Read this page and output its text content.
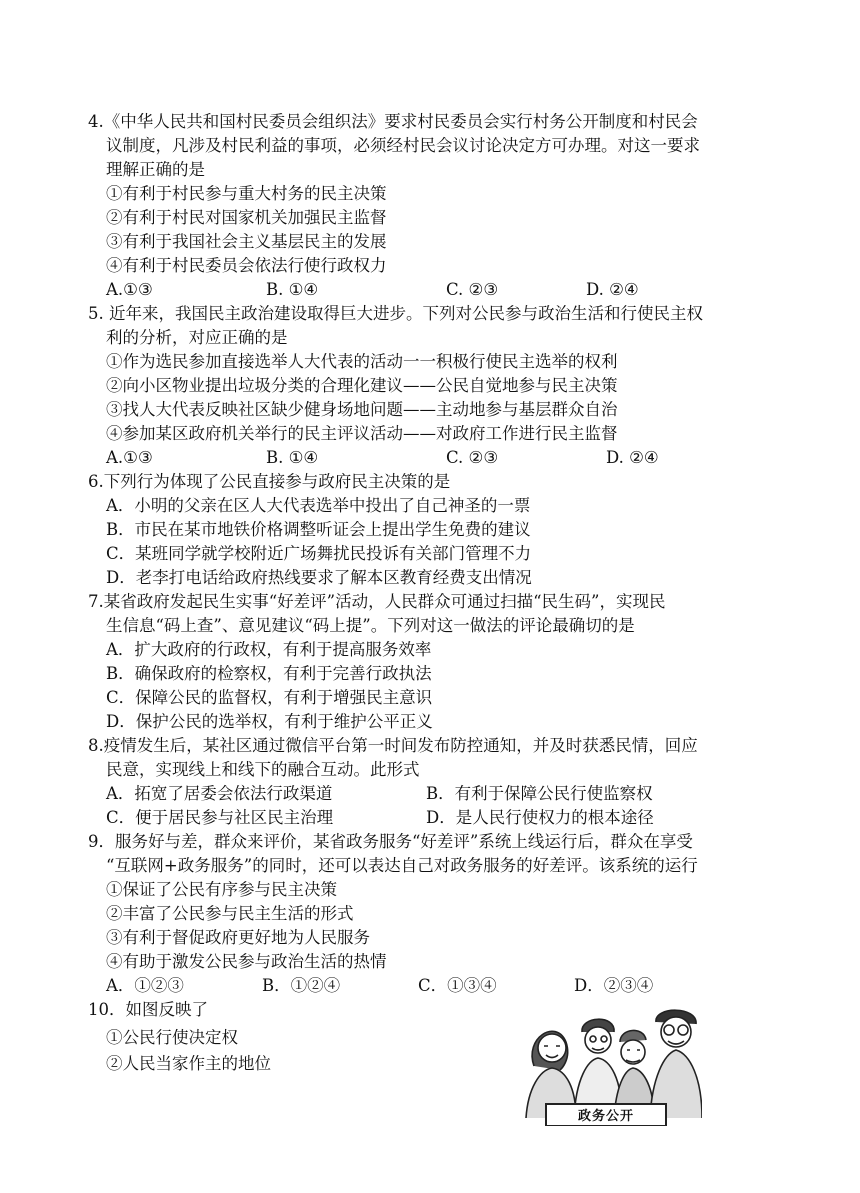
4.《中华人民共和国村民委员会组织法》要求村民委员会实行村务公开制度和村民会
议制度，凡涉及村民利益的事项，必须经村民会议讨论决定方可办理。对这一要求
理解正确的是
①有利于村民参与重大村务的民主决策
②有利于村民对国家机关加强民主监督
③有利于我国社会主义基层民主的发展
④有利于村民委员会依法行使行政权力
A.①③	B. ①④	C. ②③	D. ②④
5. 近年来，我国民主政治建设取得巨大进步。下列对公民参与政治生活和行使民主权
利的分析，对应正确的是
①作为选民参加直接选举人大代表的活动一一积极行使民主选举的权利
②向小区物业提出垃圾分类的合理化建议——公民自觉地参与民主决策
③找人大代表反映社区缺少健身场地问题——主动地参与基层群众自治
④参加某区政府机关举行的民主评议活动——对政府工作进行民主监督
A.①③	B. ①④	C. ②③	D. ②④
6.下列行为体现了公民直接参与政府民主决策的是
A．小明的父亲在区人大代表选举中投出了自己神圣的一票
B．市民在某市地铁价格调整听证会上提出学生免费的建议
C．某班同学就学校附近广场舞扰民投诉有关部门管理不力
D．老李打电话给政府热线要求了解本区教育经费支出情况
7.某省政府发起民生实事“好差评”活动，人民群众可通过扫描“民生码”，实现民
生信息“码上查”、意见建议“码上提”。下列对这一做法的评论最确切的是
A．扩大政府的行政权，有利于提高服务效率
B．确保政府的检察权，有利于完善行政执法
C．保障公民的监督权，有利于增强民主意识
D．保护公民的选举权，有利于维护公平正义
8.疫情发生后，某社区通过微信平台第一时间发布防控通知，并及时获悉民情，回应
民意，实现线上和线下的融合互动。此形式
A．拓宽了居委会依法行政渠道	B．有利于保障公民行使监察权
C．便于居民参与社区民主治理	D．是人民行使权力的根本途径
9．服务好与差，群众来评价，某省政务服务“好差评”系统上线运行后，群众在享受
“互联网+政务服务”的同时，还可以表达自己对政务服务的好差评。该系统的运行
①保证了公民有序参与民主决策
②丰富了公民参与民主生活的形式
③有利于督促政府更好地为人民服务
④有助于激发公民参与政治生活的热情
A．①②③	B．①②④	C．①③④	D．②③④
10．如图反映了
①公民行使决定权
②人民当家作主的地位
政务公开
